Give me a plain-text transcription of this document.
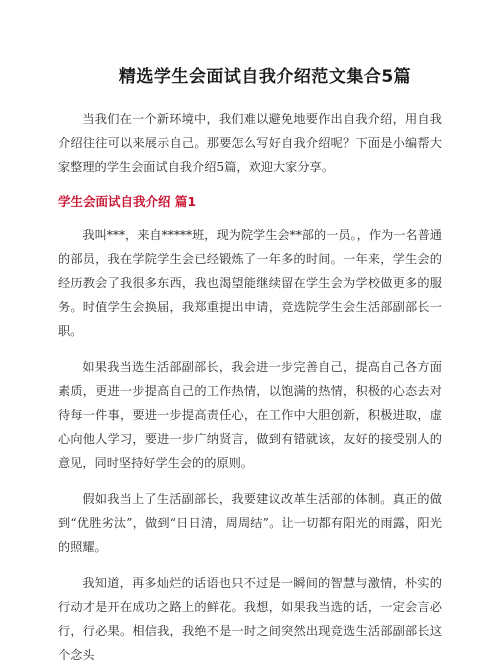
精选学生会面试自我介绍范文集合5篇

当我们在一个新环境中，我们难以避免地要作出自我介绍，用自我介绍往往可以来展示自己。那要怎么写好自我介绍呢？下面是小编帮大家整理的学生会面试自我介绍5篇，欢迎大家分享。

学生会面试自我介绍 篇1

我叫***，来自*****班，现为院学生会**部的一员。，作为一名普通的部员，我在学院学生会已经锻炼了一年多的时间。一年来，学生会的经历教会了我很多东西，我也渴望能继续留在学生会为学校做更多的服务。时值学生会换届，我郑重提出申请，竞选院学生会生活部副部长一职。

如果我当选生活部副部长，我会进一步完善自己，提高自己各方面素质，更进一步提高自己的工作热情，以饱满的热情，积极的心态去对待每一件事，要进一步提高责任心，在工作中大胆创新，积极进取，虚心向他人学习，要进一步广纳贤言，做到有错就该，友好的接受别人的意见，同时坚持好学生会的的原则。

假如我当上了生活副部长，我要建议改革生活部的体制。真正的做到“优胜劣汰”，做到“日日清，周周结”。让一切都有阳光的雨露，阳光的照耀。

我知道，再多灿烂的话语也只不过是一瞬间的智慧与激情，朴实的行动才是开在成功之路上的鲜花。我想，如果我当选的话，一定会言必行，行必果。相信我，我绝不是一时之间突然出现竞选生活部副部长这个念头
